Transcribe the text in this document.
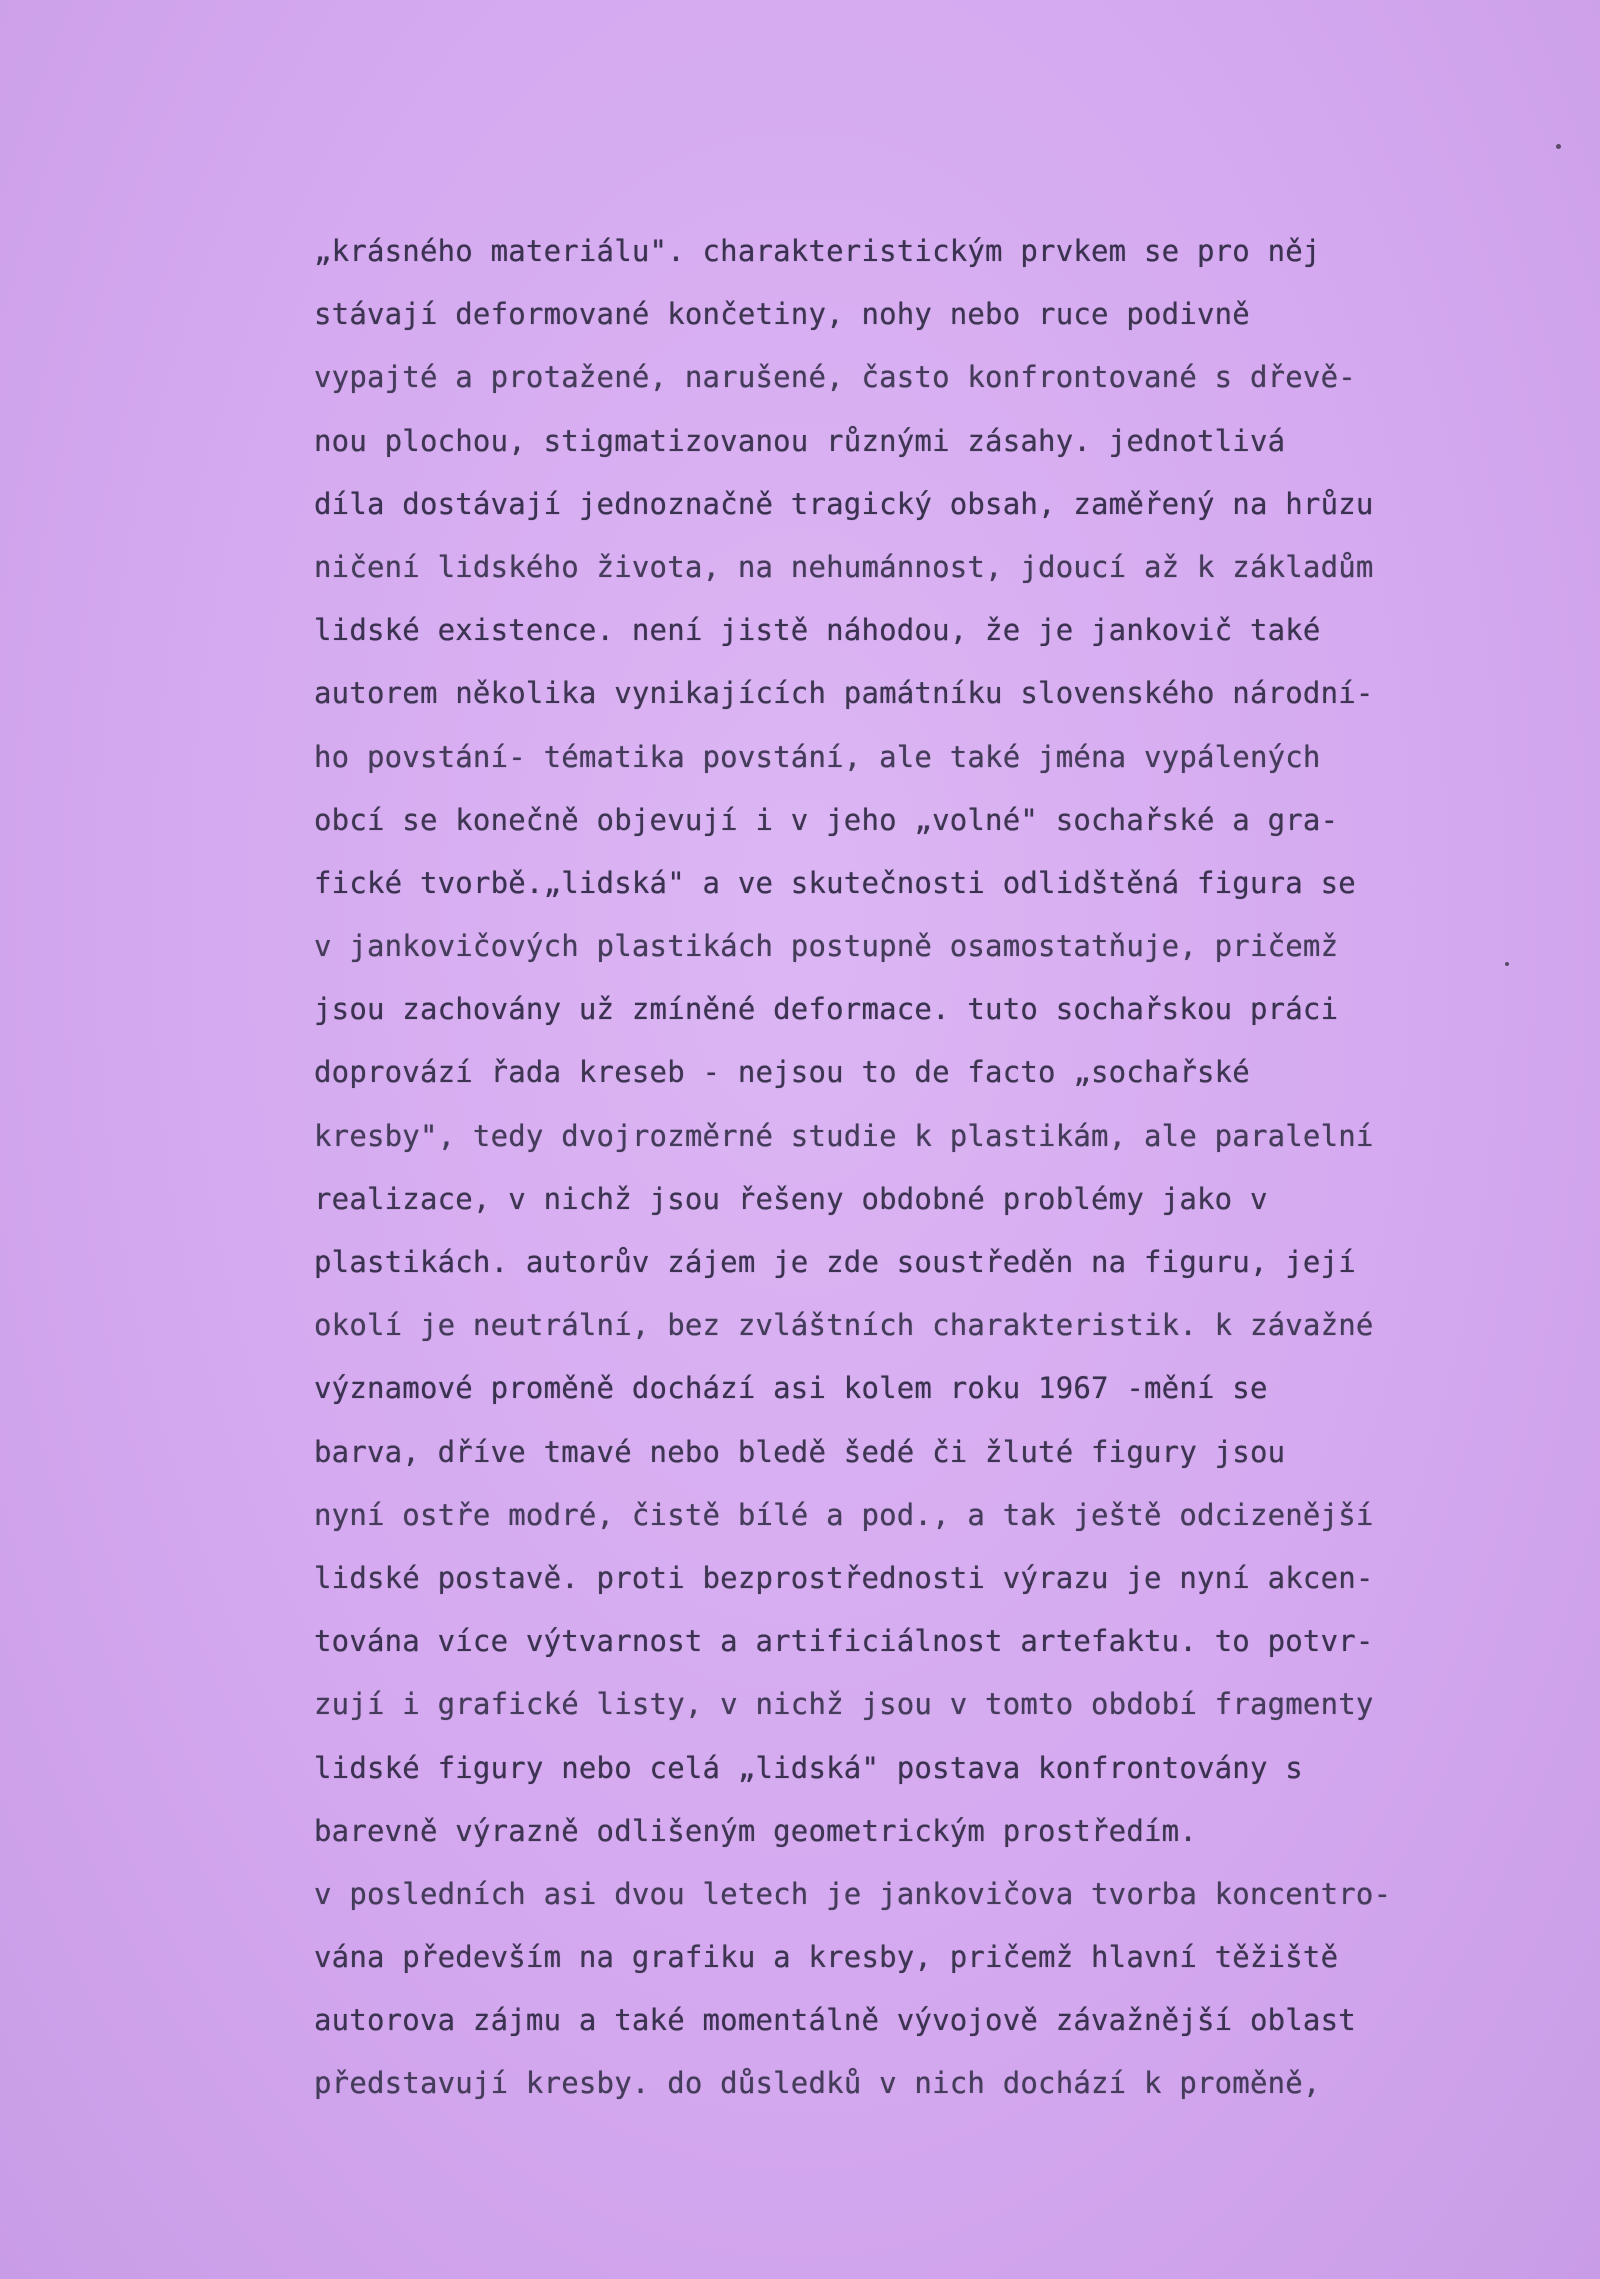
„krásného materiálu". charakteristickým prvkem se pro něj
stávají deformované končetiny, nohy nebo ruce podivně
vypajté a protažené, narušené, často konfrontované s dřevě-
nou plochou, stigmatizovanou různými zásahy. jednotlivá
díla dostávají jednoznačně tragický obsah, zaměřený na hrůzu
ničení lidského života, na nehumánnost, jdoucí až k základům
lidské existence. není jistě náhodou, že je jankovič také
autorem několika vynikajících památníku slovenského národní-
ho povstání- tématika povstání, ale také jména vypálených
obcí se konečně objevují i v jeho „volné" sochařské a gra-
fické tvorbě.„lidská" a ve skutečnosti odlidštěná figura se
v jankovičových plastikách postupně osamostatňuje, pričemž
jsou zachovány už zmíněné deformace. tuto sochařskou práci
doprovází řada kreseb - nejsou to de facto „sochařské
kresby", tedy dvojrozměrné studie k plastikám, ale paralelní
realizace, v nichž jsou řešeny obdobné problémy jako v
plastikách. autorův zájem je zde soustředěn na figuru, její
okolí je neutrální, bez zvláštních charakteristik. k závažné
významové proměně dochází asi kolem roku 1967 -mění se
barva, dříve tmavé nebo bledě šedé či žluté figury jsou
nyní ostře modré, čistě bílé a pod., a tak ještě odcizenější
lidské postavě. proti bezprostřednosti výrazu je nyní akcen-
tována více výtvarnost a artificiálnost artefaktu. to potvr-
zují i grafické listy, v nichž jsou v tomto období fragmenty
lidské figury nebo celá „lidská" postava konfrontovány s
barevně výrazně odlišeným geometrickým prostředím.
v posledních asi dvou letech je jankovičova tvorba koncentro-
vána především na grafiku a kresby, pričemž hlavní těžiště
autorova zájmu a také momentálně vývojově závažnější oblast
představují kresby. do důsledků v nich dochází k proměně,
